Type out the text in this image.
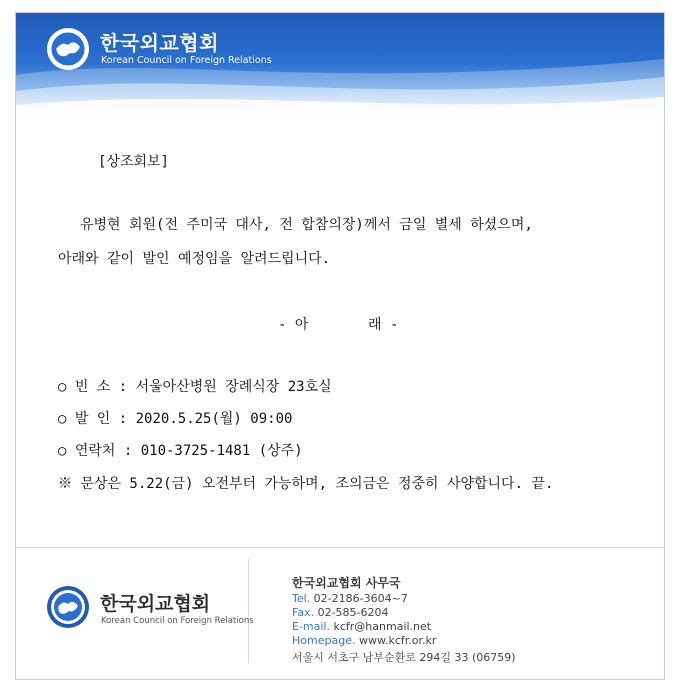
한국외교협회
Korean Council on Foreign Relations
[상조회보]
유병현 회원(전 주미국 대사, 전 합참의장)께서 금일 별세 하셨으며,
아래와 같이 발인 예정임을 알려드립니다.
- 아	래 -
○ 빈 소 : 서울아산병원 장례식장 23호실
○ 발 인 : 2020.5.25(월) 09:00
○ 연락처 : 010-3725-1481 (상주)
※ 문상은 5.22(금) 오전부터 가능하며, 조의금은 정중히 사양합니다. 끝.
한국외교협회
Korean Council on Foreign Relations
한국외교협회 사무국
Tel. 02-2186-3604~7
Fax. 02-585-6204
E-mail. kcfr@hanmail.net
Homepage. www.kcfr.or.kr
서울시 서초구 남부순환로 294길 33 (06759)
